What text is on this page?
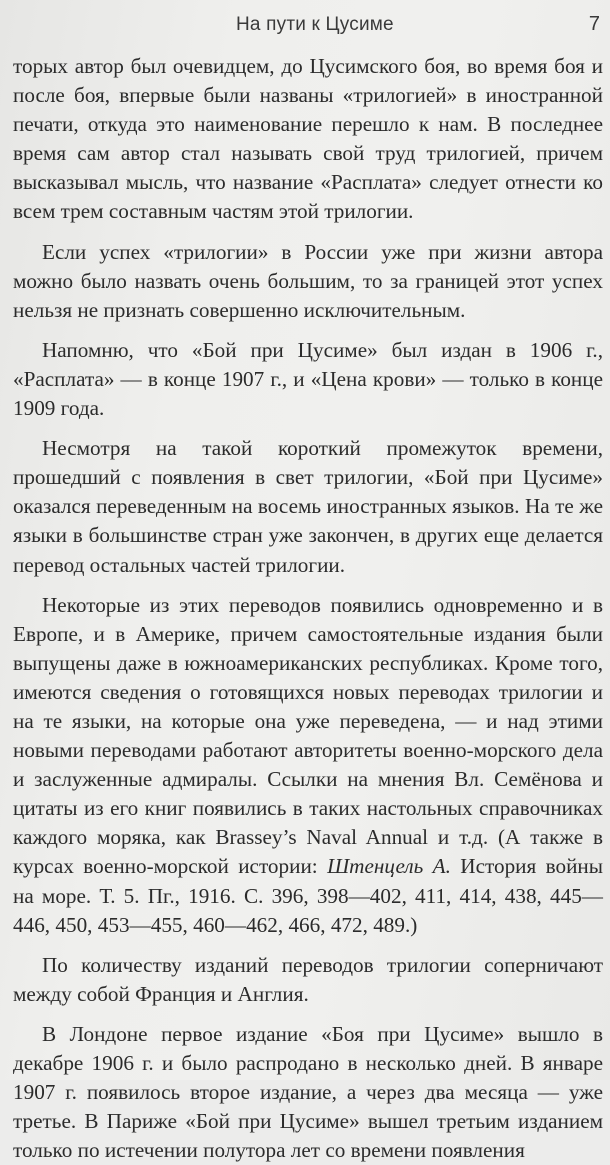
На пути к Цусиме	7

торых автор был очевидцем, до Цусимского боя, во время боя и после боя, впервые были названы «трилогией» в иностранной печати, откуда это наименование перешло к нам. В последнее время сам автор стал называть свой труд трилогией, причем высказывал мысль, что название «Расплата» следует отнести ко всем трем составным частям этой трилогии.

Если успех «трилогии» в России уже при жизни автора можно было назвать очень большим, то за границей этот успех нельзя не признать совершенно исключительным.

Напомню, что «Бой при Цусиме» был издан в 1906 г., «Расплата» — в конце 1907 г., и «Цена крови» — только в конце 1909 года.

Несмотря на такой короткий промежуток времени, прошедший с появления в свет трилогии, «Бой при Цусиме» оказался переведенным на восемь иностранных языков. На те же языки в большинстве стран уже закончен, в других еще делается перевод остальных частей трилогии.

Некоторые из этих переводов появились одновременно и в Европе, и в Америке, причем самостоятельные издания были выпущены даже в южноамериканских республиках. Кроме того, имеются сведения о готовящихся новых переводах трилогии и на те языки, на которые она уже переведена, — и над этими новыми переводами работают авторитеты военно-морского дела и заслуженные адмиралы. Ссылки на мнения Вл. Семёнова и цитаты из его книг появились в таких настольных справочниках каждого моряка, как Brassey’s Naval Annual и т.д. (А также в курсах военно-морской истории: Штенцель А. История войны на море. Т. 5. Пг., 1916. С. 396, 398—402, 411, 414, 438, 445—446, 450, 453—455, 460—462, 466, 472, 489.)

По количеству изданий переводов трилогии соперничают между собой Франция и Англия.

В Лондоне первое издание «Боя при Цусиме» вышло в декабре 1906 г. и было распродано в несколько дней. В январе 1907 г. появилось второе издание, а через два месяца — уже третье. В Париже «Бой при Цусиме» вышел третьим изданием только по истечении полутора лет со времени появления
